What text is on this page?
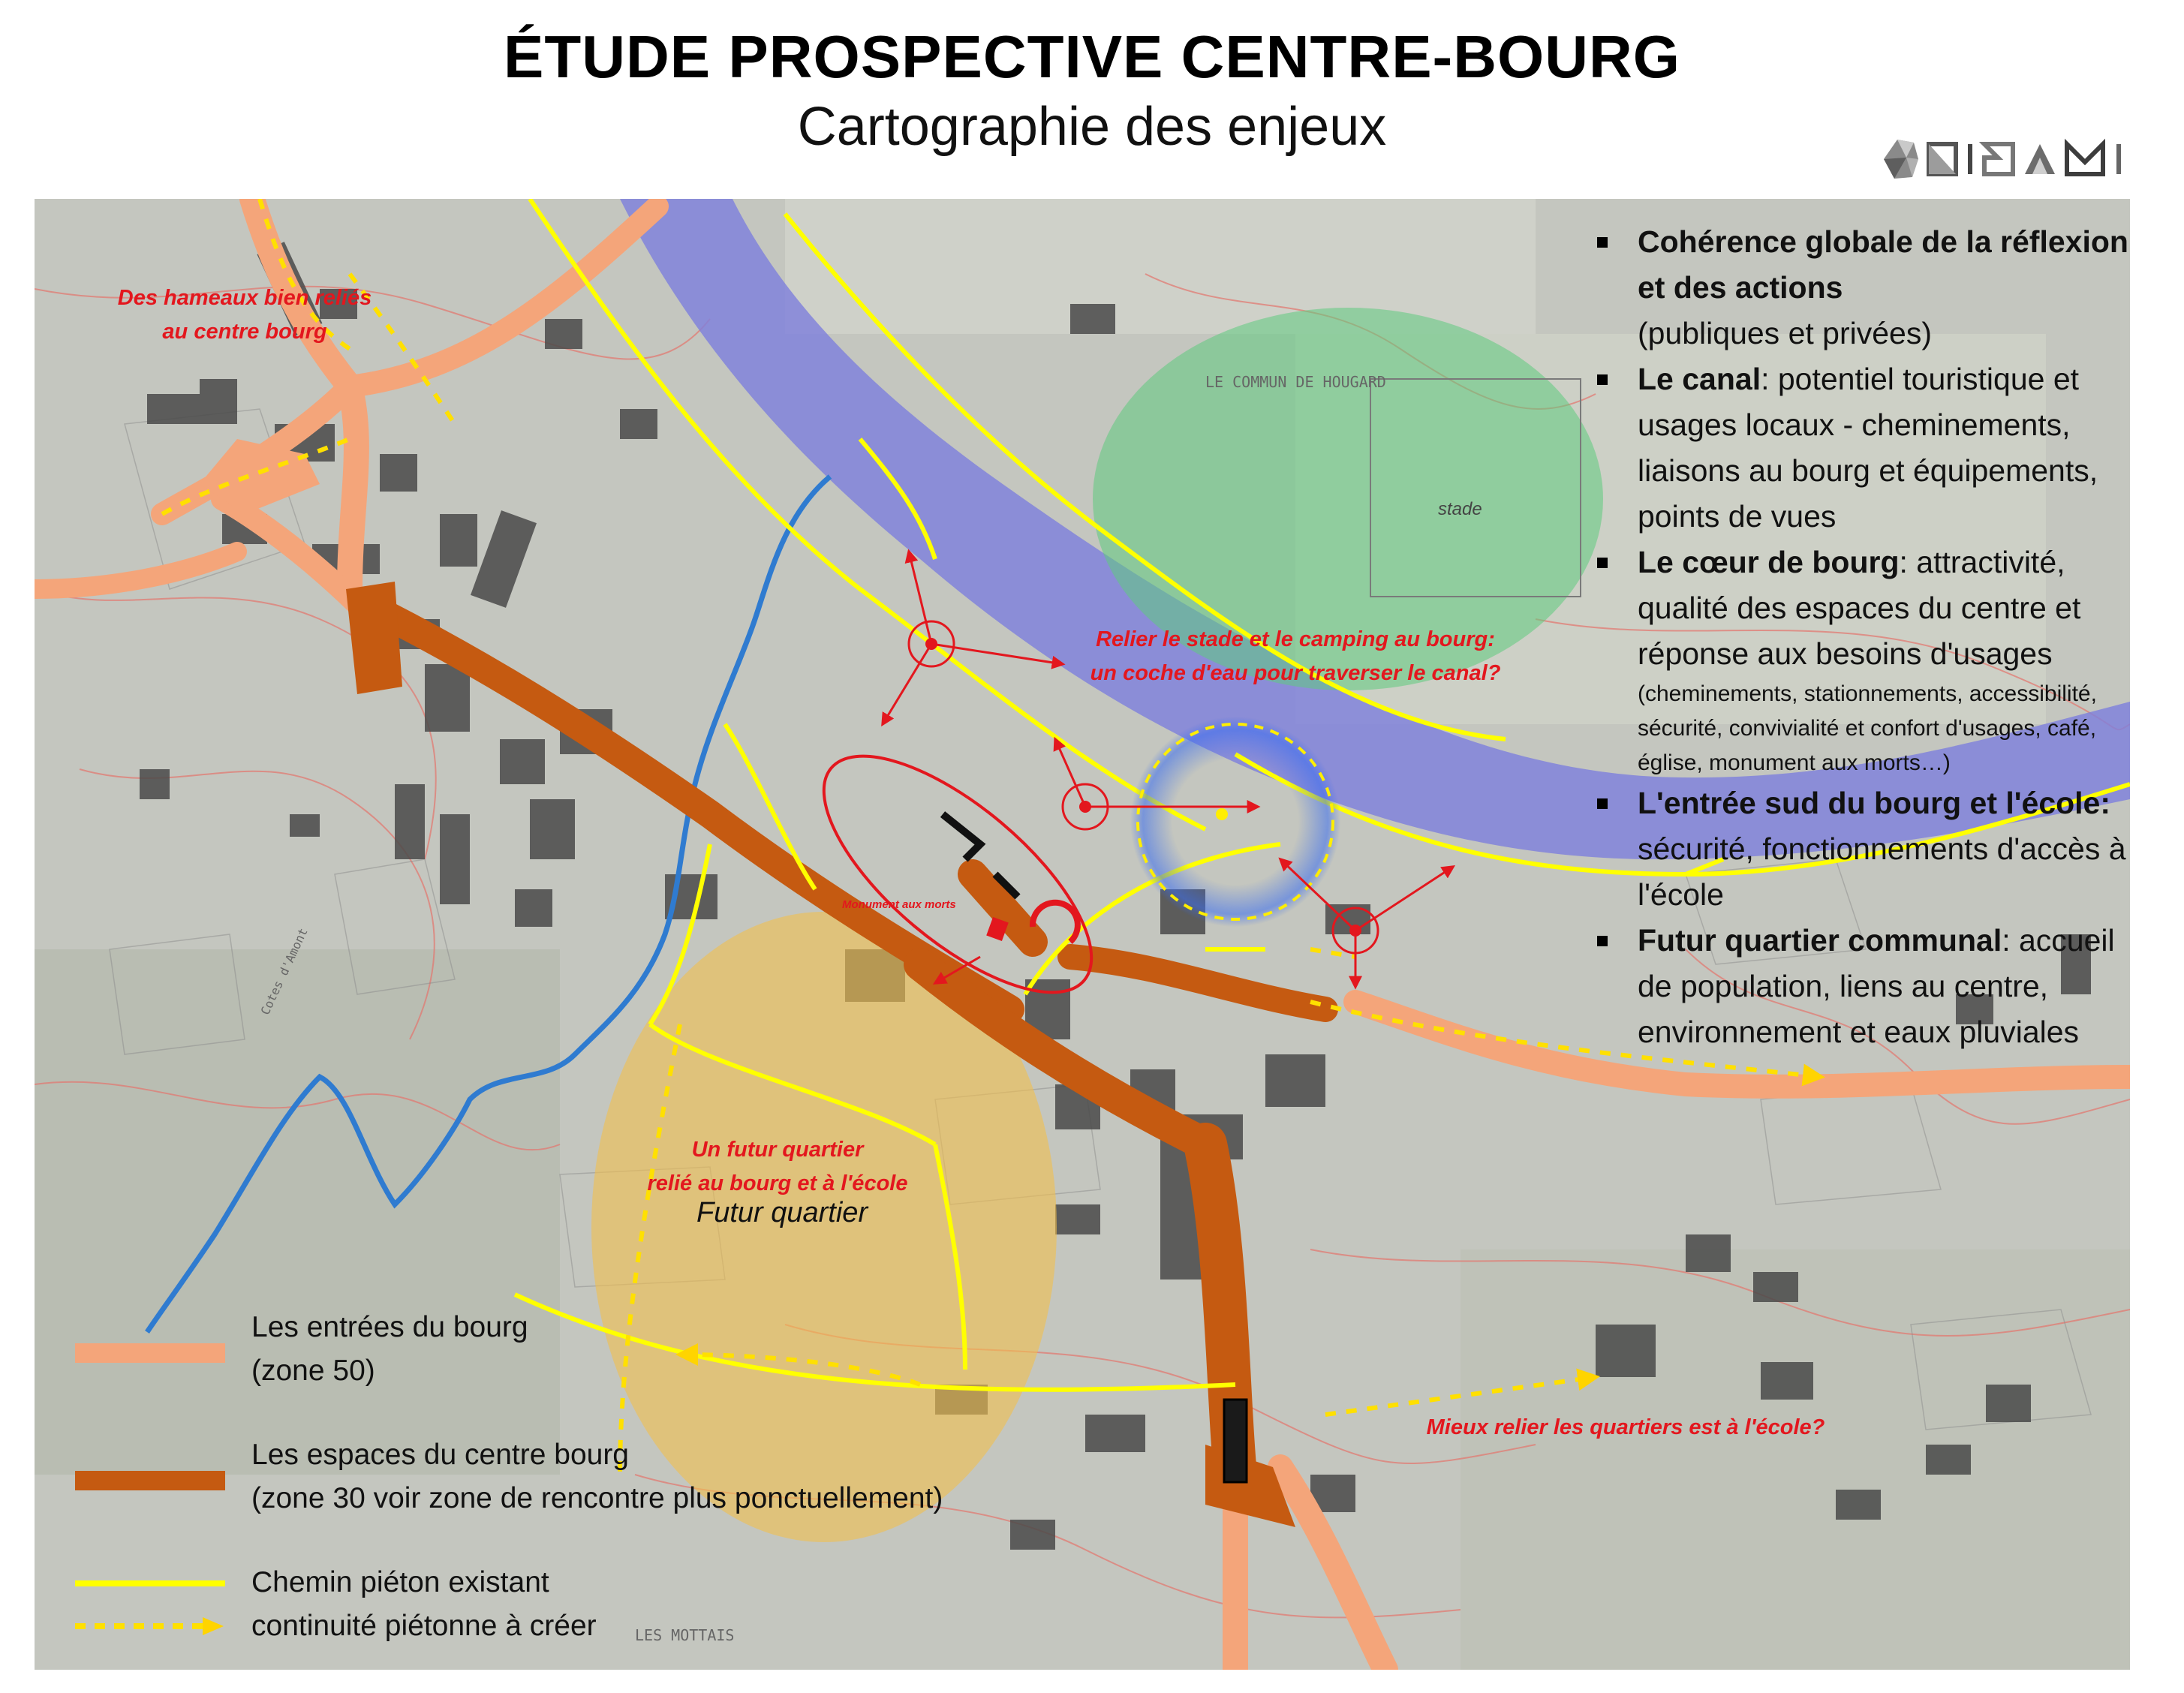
ÉTUDE PROSPECTIVE CENTRE-BOURG
Cartographie des enjeux
ORIGAMI
LE COMMUN DE HOUGARD
stade
LES MOTTAIS
Cotes d'Amont
Des hameaux bien reliés
au centre bourg
Relier le stade et le camping au bourg:
un coche d'eau pour traverser le canal?
Un futur quartier
relié au bourg et à l'école
Futur quartier
Monument aux morts
Mieux relier les quartiers est à l'école?
Cohérence globale de la réflexion et des actions
(publiques et privées)
Le canal: potentiel touristique et usages locaux - cheminements, liaisons au bourg et équipements, points de vues
Le cœur de bourg: attractivité, qualité des espaces du centre et réponse aux besoins d'usages
(cheminements, stationnements, accessibilité, sécurité, convivialité et confort d'usages, café, église, monument aux morts…)
L'entrée sud du bourg et l'école: sécurité, fonctionnements d'accès à l'école
Futur quartier communal: accueil de population, liens au centre, environnement et eaux pluviales
Les entrées du bourg
(zone 50)
Les espaces du centre bourg
(zone 30 voir zone de rencontre plus ponctuellement)
Chemin piéton existant
continuité piétonne à créer
